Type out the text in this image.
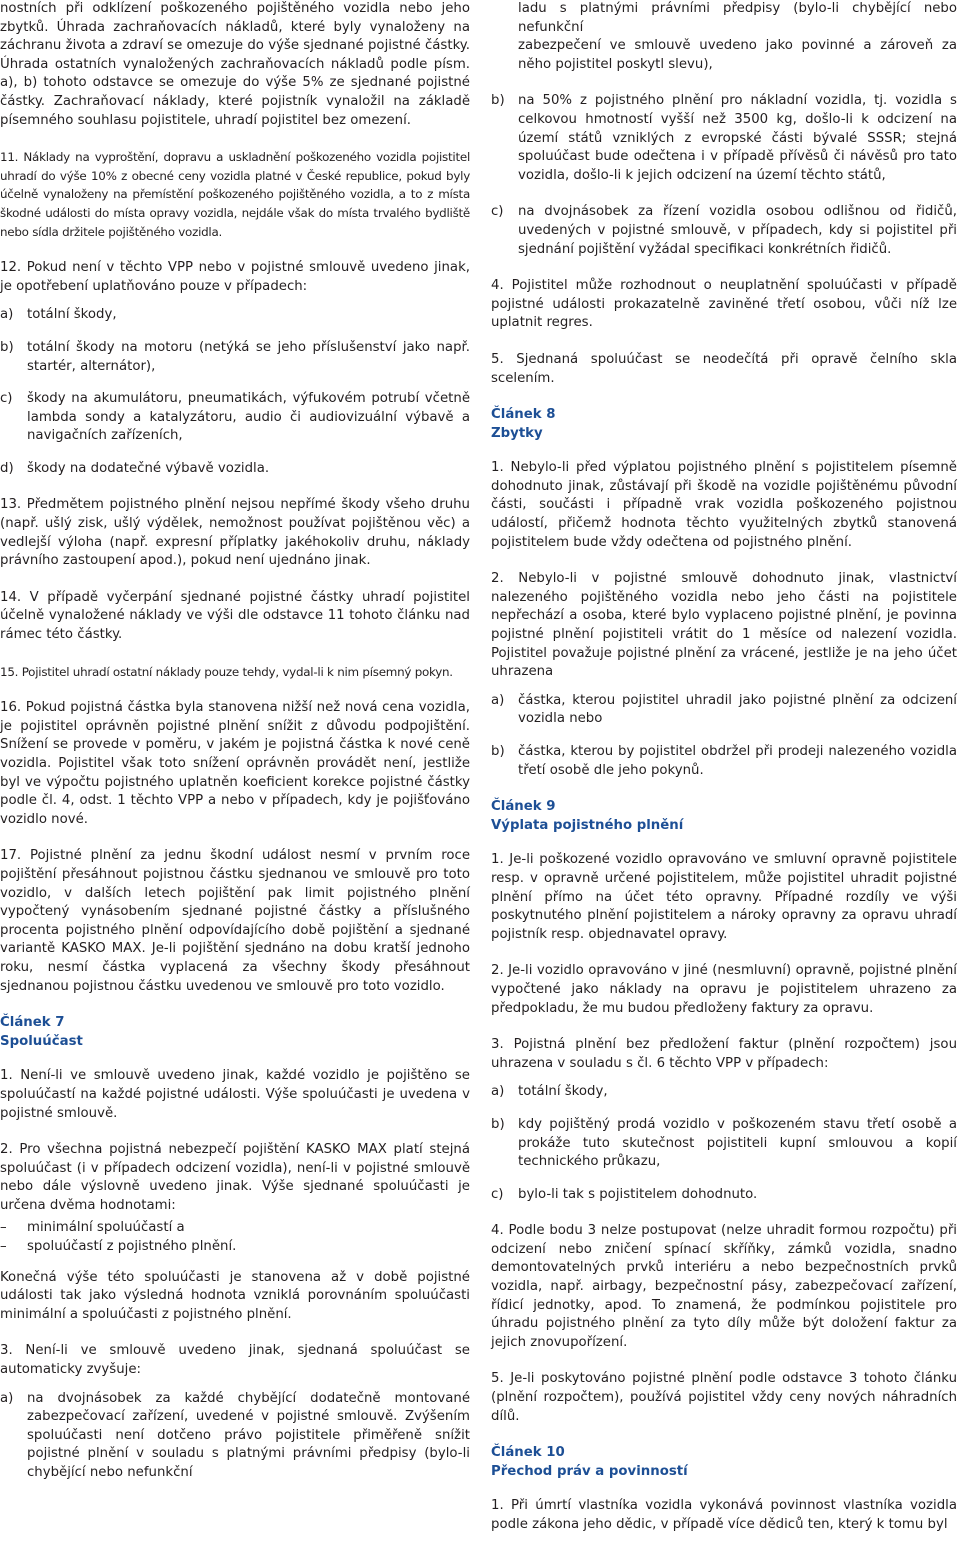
nostních při odklízení poškozeného pojištěného vozidla nebo jeho zbytků. Úhrada zachraňovacích nákladů, které byly vynaloženy na záchranu života a zdraví se omezuje do výše sjednané pojistné částky. Úhrada ostatních vynaložených zachraňovacích nákladů podle písm. a), b) tohoto odstavce se omezuje do výše 5% ze sjednané pojistné částky. Zachraňovací náklady, které pojistník vynaložil na základě písemného souhlasu pojistitele, uhradí pojistitel bez omezení.

11. Náklady na vyproštění, dopravu a uskladnění poškozeného vozidla pojistitel uhradí do výše 10% z obecné ceny vozidla platné v České republice, pokud byly účelně vynaloženy na přemístění poškozeného pojištěného vozidla, a to z místa škodné události do místa opravy vozidla, nejdále však do místa trvalého bydliště nebo sídla držitele pojištěného vozidla.

12. Pokud není v těchto VPP nebo v pojistné smlouvě uvedeno jinak, je opotřebení uplatňováno pouze v případech:

a)	totální škody,
b)	totální škody na motoru (netýká se jeho příslušenství jako např. startér, alternátor),
c)	škody na akumulátoru, pneumatikách, výfukovém potrubí včetně lambda sondy a katalyzátoru, audio či audiovizuální výbavě a navigačních zařízeních,
d)	škody na dodatečné výbavě vozidla.

13. Předmětem pojistného plnění nejsou nepřímé škody všeho druhu (např. ušlý zisk, ušlý výdělek, nemožnost používat pojištěnou věc) a vedlejší výloha (např. expresní příplatky jakéhokoliv druhu, náklady právního zastoupení apod.), pokud není ujednáno jinak.

14. V případě vyčerpání sjednané pojistné částky uhradí pojistitel účelně vynaložené náklady ve výši dle odstavce 11 tohoto článku nad rámec této částky.

15. Pojistitel uhradí ostatní náklady pouze tehdy, vydal-li k nim písemný pokyn.

16. Pokud pojistná částka byla stanovena nižší než nová cena vozidla, je pojistitel oprávněn pojistné plnění snížit z důvodu podpojištění. Snížení se provede v poměru, v jakém je pojistná částka k nové ceně vozidla. Pojistitel však toto snížení oprávněn provádět není, jestliže byl ve výpočtu pojistného uplatněn koeficient korekce pojistné částky podle čl. 4, odst. 1 těchto VPP a nebo v případech, kdy je pojišťováno vozidlo nové.

17. Pojistné plnění za jednu škodní událost nesmí v prvním roce pojištění přesáhnout pojistnou částku sjednanou ve smlouvě pro toto vozidlo, v dalších letech pojištění pak limit pojistného plnění vypočtený vynásobením sjednané pojistné částky a příslušného procenta pojistného plnění odpovídajícího době pojištění a sjednané variantě KASKO MAX. Je-li pojištění sjednáno na dobu kratší jednoho roku, nesmí částka vyplacená za všechny škody přesáhnout sjednanou pojistnou částku uvedenou ve smlouvě pro toto vozidlo.

Článek 7
Spoluúčast

1. Není-li ve smlouvě uvedeno jinak, každé vozidlo je pojištěno se spoluúčastí na každé pojistné události. Výše spoluúčasti je uvedena v pojistné smlouvě.

2. Pro všechna pojistná nebezpečí pojištění KASKO MAX platí stejná spoluúčast (i v případech odcizení vozidla), není-li v pojistné smlouvě nebo dále výslovně uvedeno jinak. Výše sjednané spoluúčasti je určena dvěma hodnotami:

–	minimální spoluúčastí a
–	spoluúčastí z pojistného plnění.

Konečná výše této spoluúčasti je stanovena až v době pojistné události tak jako výsledná hodnota vzniklá porovnáním spoluúčasti minimální a spoluúčasti z pojistného plnění.

3. Není-li ve smlouvě uvedeno jinak, sjednaná spoluúčast se automaticky zvyšuje:

a)	na dvojnásobek za každé chybějící dodatečně montované zabezpečovací zařízení, uvedené v pojistné smlouvě. Zvýšením spoluúčasti není dotčeno právo pojistitele přiměřeně snížit pojistné plnění v souladu s platnými právními předpisy (bylo-li chybějící nebo nefunkční

ladu s platnými právními předpisy (bylo-li chybějící nebo nefunkční

zabezpečení ve smlouvě uvedeno jako povinné a zároveň za něho pojistitel poskytl slevu),

b)	na 50% z pojistného plnění pro nákladní vozidla, tj. vozidla s celkovou hmotností vyšší než 3500 kg, došlo-li k odcizení na území států vzniklých z evropské části bývalé SSSR; stejná spoluúčast bude odečtena i v případě přívěsů či návěsů pro tato vozidla, došlo-li k jejich odcizení na území těchto států,
c)	na dvojnásobek za řízení vozidla osobou odlišnou od řidičů, uvedených v pojistné smlouvě, v případech, kdy si pojistitel při sjednání pojištění vyžádal specifikaci konkrétních řidičů.

4. Pojistitel může rozhodnout o neuplatnění spoluúčasti v případě pojistné události prokazatelně zaviněné třetí osobou, vůči níž lze uplatnit regres.

5. Sjednaná spoluúčast se neodečítá při opravě čelního skla scelením.

Článek 8
Zbytky

1. Nebylo-li před výplatou pojistného plnění s pojistitelem písemně dohodnuto jinak, zůstávají při škodě na vozidle pojištěnému původní části, součásti i případně vrak vozidla poškozeného pojistnou událostí, přičemž hodnota těchto využitelných zbytků stanovená pojistitelem bude vždy odečtena od pojistného plnění.

2. Nebylo-li v pojistné smlouvě dohodnuto jinak, vlastnictví nalezeného pojištěného vozidla nebo jeho části na pojistitele nepřechází a osoba, které bylo vyplaceno pojistné plnění, je povinna pojistné plnění pojistiteli vrátit do 1 měsíce od nalezení vozidla. Pojistitel považuje pojistné plnění za vrácené, jestliže je na jeho účet uhrazena

a)	částka, kterou pojistitel uhradil jako pojistné plnění za odcizení vozidla nebo
b)	částka, kterou by pojistitel obdržel při prodeji nalezeného vozidla třetí osobě dle jeho pokynů.
Článek 9
Výplata pojistného plnění

1. Je-li poškozené vozidlo opravováno ve smluvní opravně pojistitele resp. v opravně určené pojistitelem, může pojistitel uhradit pojistné plnění přímo na účet této opravny. Případné rozdíly ve výši poskytnutého plnění pojistitelem a nároky opravny za opravu uhradí pojistník resp. objednavatel opravy.

2. Je-li vozidlo opravováno v jiné (nesmluvní) opravně, pojistné plnění vypočtené jako náklady na opravu je pojistitelem uhrazeno za předpokladu, že mu budou předloženy faktury za opravu.

3. Pojistná plnění bez předložení faktur (plnění rozpočtem) jsou uhrazena v souladu s čl. 6 těchto VPP v případech:

a)	totální škody,
b)	kdy pojištěný prodá vozidlo v poškozeném stavu třetí osobě a prokáže tuto skutečnost pojistiteli kupní smlouvou a kopií technického průkazu,
c)	bylo-li tak s pojistitelem dohodnuto.

4. Podle bodu 3 nelze postupovat (nelze uhradit formou rozpočtu) při odcizení nebo zničení spínací skříňky, zámků vozidla, snadno demontovatelných prvků interiéru a nebo bezpečnostních prvků vozidla, např. airbagy, bezpečnostní pásy, zabezpečovací zařízení, řídicí jednotky, apod. To znamená, že podmínkou pojistitele pro úhradu pojistného plnění za tyto díly může být doložení faktur za jejich znovupořízení.

5. Je-li poskytováno pojistné plnění podle odstavce 3 tohoto článku (plnění rozpočtem), používá pojistitel vždy ceny nových náhradních dílů.

Článek 10
Přechod práv a povinností

1. Při úmrtí vlastníka vozidla vykonává povinnost vlastníka vozidla podle zákona jeho dědic, v případě více dědiců ten, který k tomu byl
